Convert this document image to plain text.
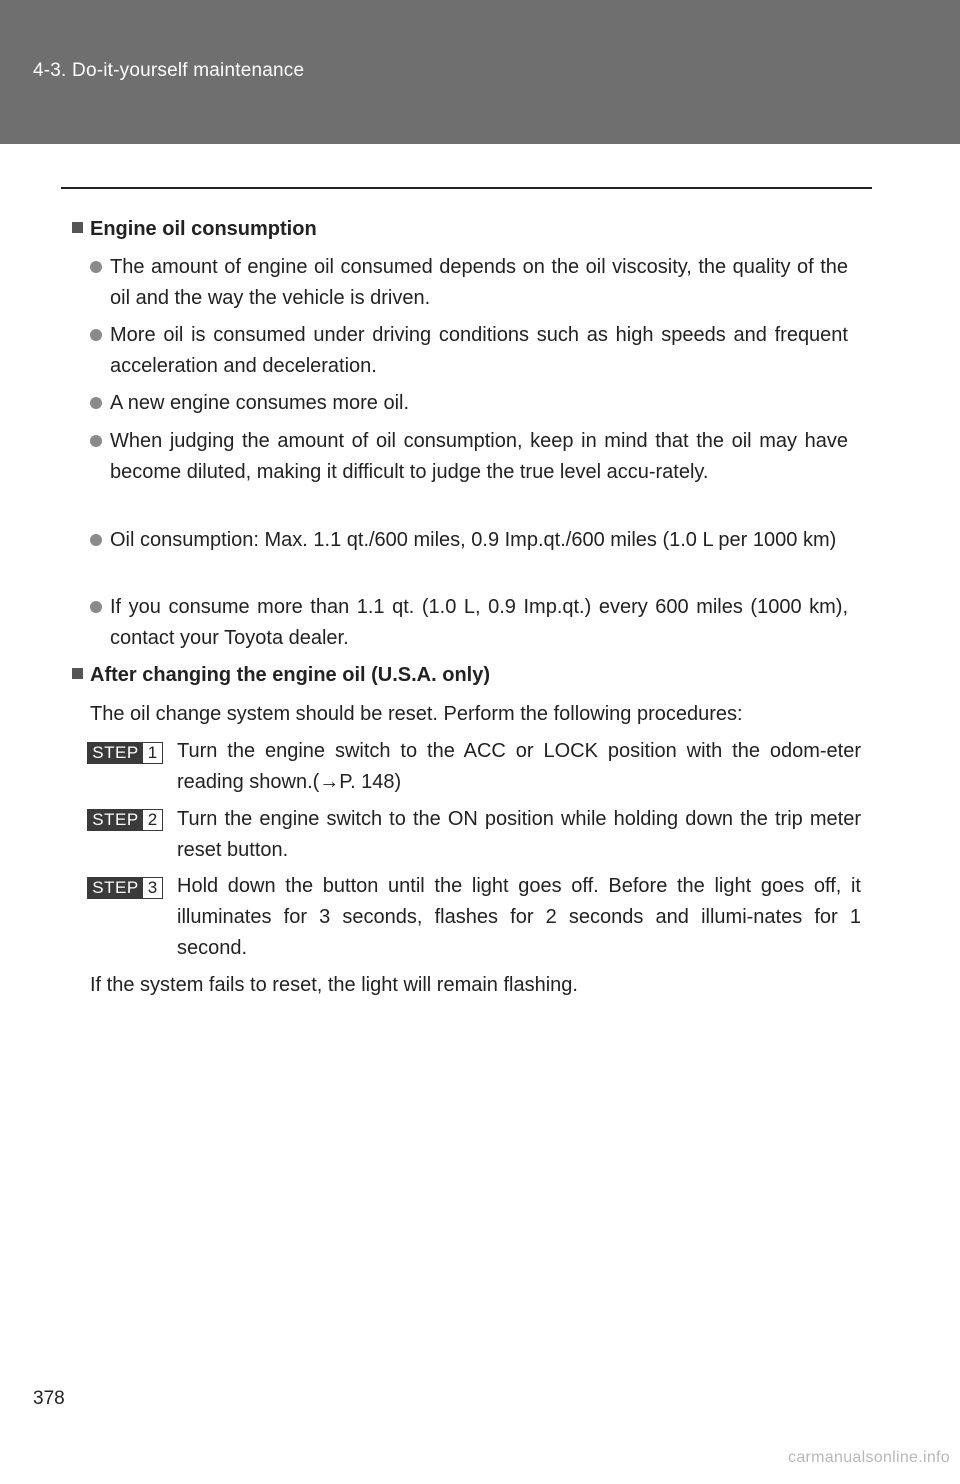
4-3. Do-it-yourself maintenance
Engine oil consumption
The amount of engine oil consumed depends on the oil viscosity, the quality of the oil and the way the vehicle is driven.
More oil is consumed under driving conditions such as high speeds and frequent acceleration and deceleration.
A new engine consumes more oil.
When judging the amount of oil consumption, keep in mind that the oil may have become diluted, making it difficult to judge the true level accu-rately.
Oil consumption: Max. 1.1 qt./600 miles, 0.9 Imp.qt./600 miles (1.0 L per 1000 km)
If you consume more than 1.1 qt. (1.0 L, 0.9 Imp.qt.) every 600 miles (1000 km), contact your Toyota dealer.
After changing the engine oil (U.S.A. only)
The oil change system should be reset. Perform the following procedures:
STEP 1 Turn the engine switch to the ACC or LOCK position with the odom-eter reading shown.(→P. 148)
STEP 2 Turn the engine switch to the ON position while holding down the trip meter reset button.
STEP 3 Hold down the button until the light goes off. Before the light goes off, it illuminates for 3 seconds, flashes for 2 seconds and illumi-nates for 1 second.
If the system fails to reset, the light will remain flashing.
378
carmanualsonline.info
